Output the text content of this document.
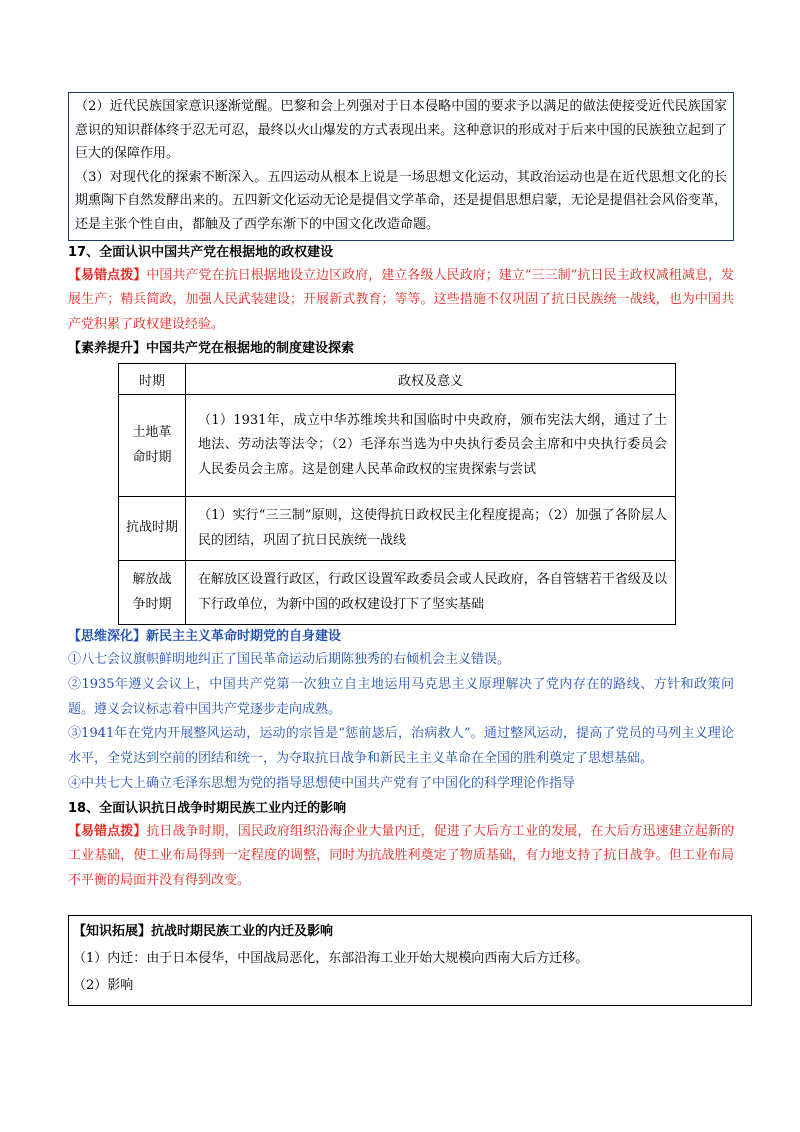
（2）近代民族国家意识逐渐觉醒。巴黎和会上列强对于日本侵略中国的要求予以满足的做法使接受近代民族国家意识的知识群体终于忍无可忍，最终以火山爆发的方式表现出来。这种意识的形成对于后来中国的民族独立起到了巨大的保障作用。

（3）对现代化的探索不断深入。五四运动从根本上说是一场思想文化运动，其政治运动也是在近代思想文化的长期熏陶下自然发酵出来的。五四新文化运动无论是提倡文学革命，还是提倡思想启蒙，无论是提倡社会风俗变革，还是主张个性自由，都触及了西学东渐下的中国文化改造命题。

17、全面认识中国共产党在根据地的政权建设

【易错点拨】中国共产党在抗日根据地设立边区政府，建立各级人民政府；建立“三三制”抗日民主政权减租减息，发展生产；精兵简政，加强人民武装建设；开展新式教育；等等。这些措施不仅巩固了抗日民族统一战线，也为中国共产党积累了政权建设经验。

【素养提升】中国共产党在根据地的制度建设探索

时期	政权及意义

土地革命时期	（1）1931年，成立中华苏维埃共和国临时中央政府，颁布宪法大纲，通过了土地法、劳动法等法令；（2）毛泽东当选为中央执行委员会主席和中央执行委员会人民委员会主席。这是创建人民革命政权的宝贵探索与尝试
抗战时期	（1）实行“三三制”原则，这使得抗日政权民主化程度提高；（2）加强了各阶层人民的团结，巩固了抗日民族统一战线

解放战争时期	在解放区设置行政区，行政区设置军政委员会或人民政府，各自管辖若干省级及以下行政单位，为新中国的政权建设打下了坚实基础

【思维深化】新民主主义革命时期党的自身建设

①八七会议旗帜鲜明地纠正了国民革命运动后期陈独秀的右倾机会主义错误。

②1935年遵义会议上，中国共产党第一次独立自主地运用马克思主义原理解决了党内存在的路线、方针和政策问题。遵义会议标志着中国共产党逐步走向成熟。

③1941年在党内开展整风运动，运动的宗旨是“惩前毖后，治病救人”。通过整风运动，提高了党员的马列主义理论水平，全党达到空前的团结和统一，为夺取抗日战争和新民主主义革命在全国的胜利奠定了思想基础。

④中共七大上确立毛泽东思想为党的指导思想使中国共产党有了中国化的科学理论作指导

18、全面认识抗日战争时期民族工业内迁的影响

【易错点拨】抗日战争时期，国民政府组织沿海企业大量内迁，促进了大后方工业的发展，在大后方迅速建立起新的工业基础，使工业布局得到一定程度的调整，同时为抗战胜利奠定了物质基础，有力地支持了抗日战争。但工业布局不平衡的局面并没有得到改变。

【知识拓展】抗战时期民族工业的内迁及影响

（1）内迁：由于日本侵华，中国战局恶化，东部沿海工业开始大规模向西南大后方迁移。

（2）影响
